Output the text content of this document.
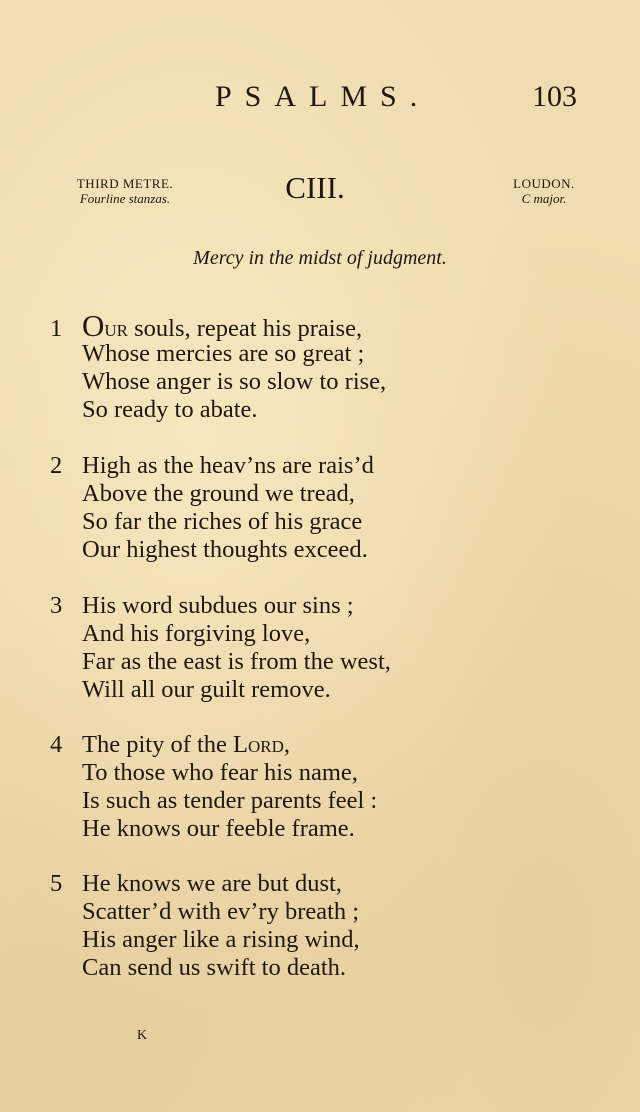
PSALMS.	103
THIRD METRE.
Fourline stanzas.	CIII.	LOUDON.
C major.
Mercy in the midst of judgment.
1 Our souls, repeat his praise,
Whose mercies are so great ;
Whose anger is so slow to rise,
So ready to abate.
2 High as the heav’ns are rais’d
Above the ground we tread,
So far the riches of his grace
Our highest thoughts exceed.
3 His word subdues our sins ;
And his forgiving love,
Far as the east is from the west,
Will all our guilt remove.
4 The pity of the Lord,
To those who fear his name,
Is such as tender parents feel :
He knows our feeble frame.
5 He knows we are but dust,
Scatter’d with ev’ry breath ;
His anger like a rising wind,
Can send us swift to death.
K
